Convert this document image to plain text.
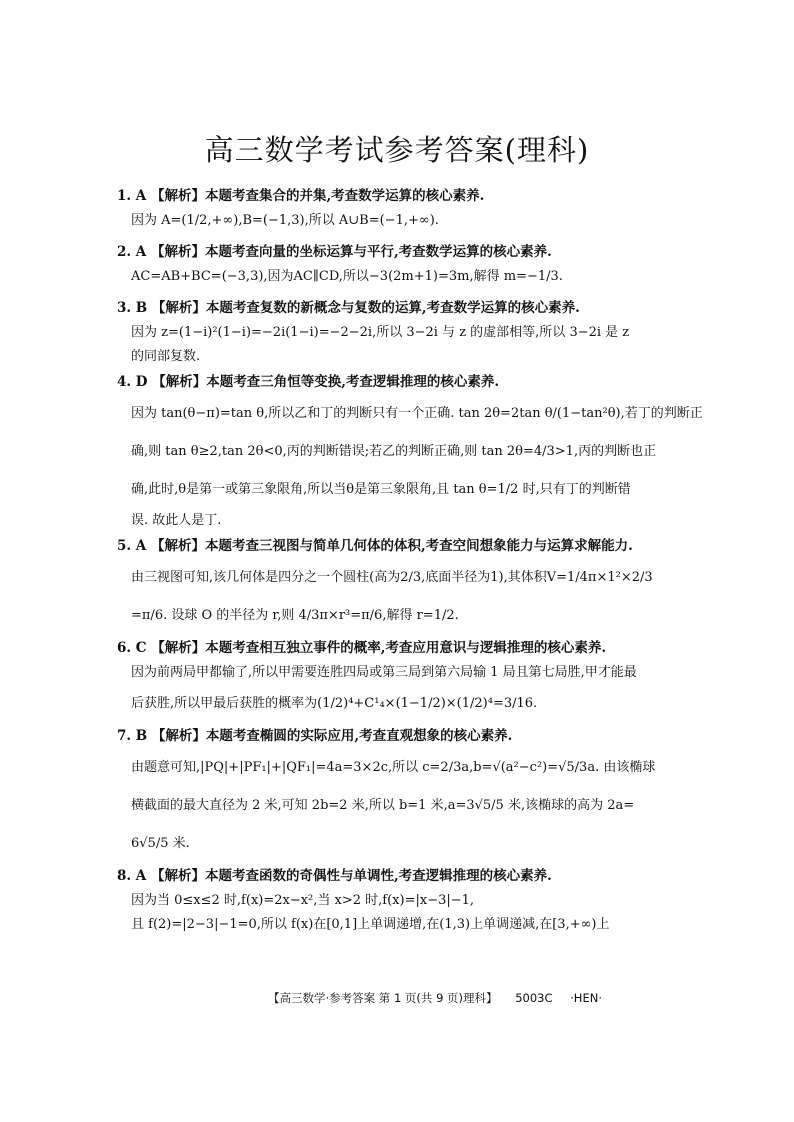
高三数学考试参考答案(理科)
1. A 【解析】本题考查集合的并集,考查数学运算的核心素养.
因为 A=(1/2,+∞),B=(−1,3),所以 A∪B=(−1,+∞).
2. A 【解析】本题考查向量的坐标运算与平行,考查数学运算的核心素养.
AC=AB+BC=(−3,3),因为AC∥CD,所以−3(2m+1)=3m,解得 m=−1/3.
3. B 【解析】本题考查复数的新概念与复数的运算,考查数学运算的核心素养.
因为 z=(1−i)²(1−i)=−2i(1−i)=−2−2i,所以 3−2i 与 z 的虚部相等,所以 3−2i 是 z
的同部复数.
4. D 【解析】本题考查三角恒等变换,考查逻辑推理的核心素养.
因为 tan(θ−π)=tan θ,所以乙和丁的判断只有一个正确. tan 2θ=2tan θ/(1−tan²θ),若丁的判断正
确,则 tan θ≥2,tan 2θ<0,丙的判断错误;若乙的判断正确,则 tan 2θ=4/3>1,丙的判断也正
确,此时,θ是第一或第三象限角,所以当θ是第三象限角,且 tan θ=1/2 时,只有丁的判断错
误. 故此人是丁.
5. A 【解析】本题考查三视图与简单几何体的体积,考查空间想象能力与运算求解能力.
由三视图可知,该几何体是四分之一个圆柱(高为2/3,底面半径为1),其体积V=1/4π×1²×2/3
=π/6. 设球 O 的半径为 r,则 4/3π×r³=π/6,解得 r=1/2.
6. C 【解析】本题考查相互独立事件的概率,考查应用意识与逻辑推理的核心素养.
因为前两局甲都输了,所以甲需要连胜四局或第三局到第六局输 1 局且第七局胜,甲才能最
后获胜,所以甲最后获胜的概率为(1/2)⁴+C¹₄×(1−1/2)×(1/2)⁴=3/16.
7. B 【解析】本题考查椭圆的实际应用,考查直观想象的核心素养.
由题意可知,|PQ|+|PF₁|+|QF₁|=4a=3×2c,所以 c=2/3a,b=√(a²−c²)=√5/3a. 由该椭球
横截面的最大直径为 2 米,可知 2b=2 米,所以 b=1 米,a=3√5/5 米,该椭球的高为 2a=
6√5/5 米.
8. A 【解析】本题考查函数的奇偶性与单调性,考查逻辑推理的核心素养.
因为当 0≤x≤2 时,f(x)=2x−x²,当 x>2 时,f(x)=|x−3|−1,
且 f(2)=|2−3|−1=0,所以 f(x)在[0,1]上单调递增,在(1,3)上单调递减,在[3,+∞)上
【高三数学·参考答案 第 1 页(共 9 页)理科】 5003C ·HEN·
